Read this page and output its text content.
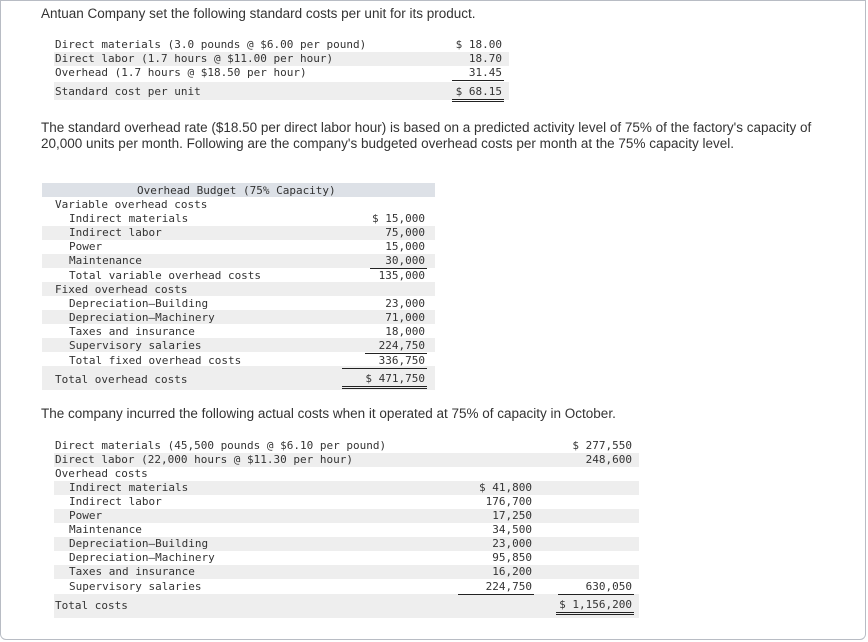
Antuan Company set the following standard costs per unit for its product.
Direct materials (3.0 pounds @ $6.00 per pound)	$ 18.00
Direct labor (1.7 hours @ $11.00 per hour)	18.70
Overhead (1.7 hours @ $18.50 per hour)	31.45
Standard cost per unit	$ 68.15
The standard overhead rate ($18.50 per direct labor hour) is based on a predicted activity level of 75% of the factory's capacity of 20,000 units per month. Following are the company's budgeted overhead costs per month at the 75% capacity level.
Overhead Budget (75% Capacity)
Variable overhead costs
Indirect materials	$ 15,000
Indirect labor	75,000
Power	15,000
Maintenance	30,000
Total variable overhead costs	135,000
Fixed overhead costs
Depreciation—Building	23,000
Depreciation—Machinery	71,000
Taxes and insurance	18,000
Supervisory salaries	224,750
Total fixed overhead costs	336,750
Total overhead costs	$ 471,750
The company incurred the following actual costs when it operated at 75% of capacity in October.
Direct materials (45,500 pounds @ $6.10 per pound)	$ 277,550
Direct labor (22,000 hours @ $11.30 per hour)	248,600
Overhead costs
Indirect materials	$ 41,800
Indirect labor	176,700
Power	17,250
Maintenance	34,500
Depreciation—Building	23,000
Depreciation—Machinery	95,850
Taxes and insurance	16,200
Supervisory salaries	224,750	630,050
Total costs	$ 1,156,200
